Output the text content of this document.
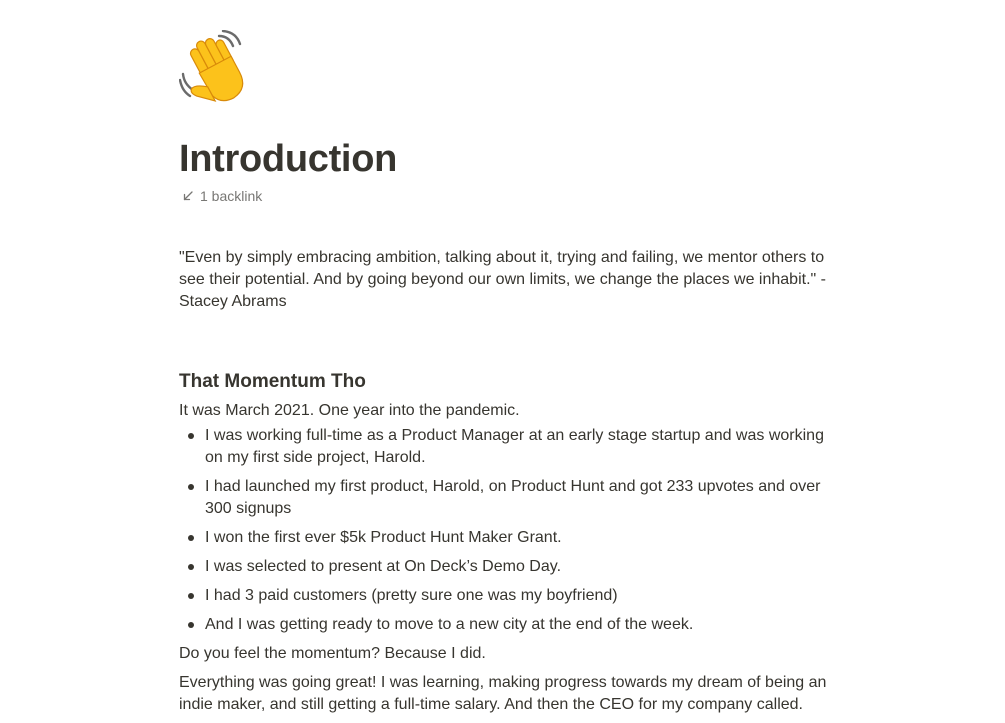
Introduction
1 backlink

"Even by simply embracing ambition, talking about it, trying and failing, we mentor others to see their potential. And by going beyond our own limits, we change the places we inhabit." - Stacey Abrams

That Momentum Tho

It was March 2021. One year into the pandemic.

I was working full-time as a Product Manager at an early stage startup and was working on my first side project, Harold.
I had launched my first product, Harold, on Product Hunt and got 233 upvotes and over 300 signups
I won the first ever $5k Product Hunt Maker Grant.
I was selected to present at On Deck’s Demo Day.
I had 3 paid customers (pretty sure one was my boyfriend)
And I was getting ready to move to a new city at the end of the week.

Do you feel the momentum? Because I did.

Everything was going great! I was learning, making progress towards my dream of being an indie maker, and still getting a full-time salary. And then the CEO for my company called.
